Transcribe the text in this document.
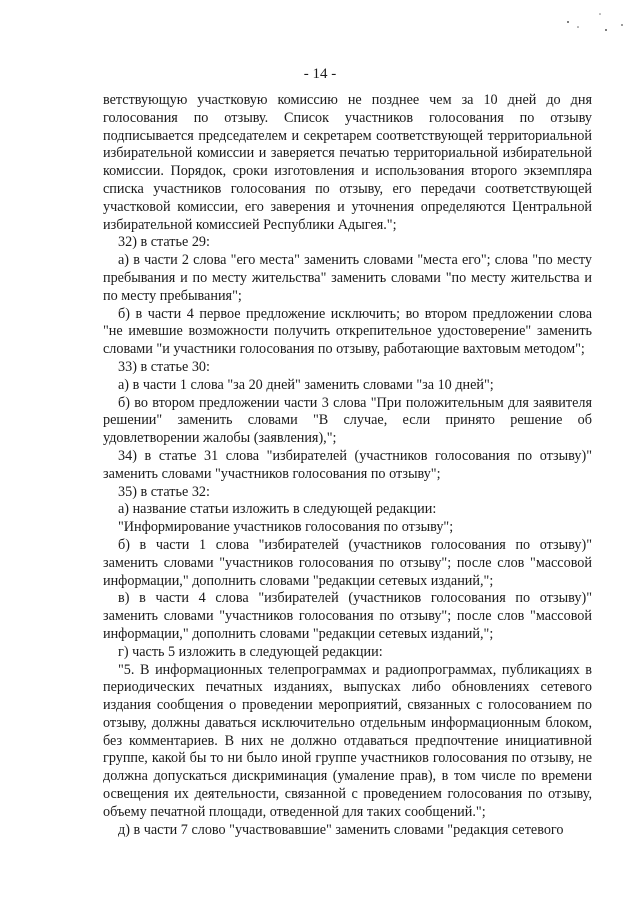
- 14 -

ветствующую участковую комиссию не позднее чем за 10 дней до дня голосования по отзыву. Список участников голосования по отзыву подписывается председателем и секретарем соответствующей территориальной избирательной комиссии и заверяется печатью территориальной избирательной комиссии. Порядок, сроки изготовления и использования второго экземпляра списка участников голосования по отзыву, его передачи соответствующей участковой комиссии, его заверения и уточнения определяются Центральной избирательной комиссией Республики Адыгея.";

32) в статье 29:

а) в части 2 слова "его места" заменить словами "места его"; слова "по месту пребывания и по месту жительства" заменить словами "по месту жительства и по месту пребывания";

б) в части 4 первое предложение исключить; во втором предложении слова "не имевшие возможности получить открепительное удостоверение" заменить словами "и участники голосования по отзыву, работающие вахтовым методом";

33) в статье 30:

а) в части 1 слова "за 20 дней" заменить словами "за 10 дней";

б) во втором предложении части 3 слова "При положительным для заявителя решении" заменить словами "В случае, если принято решение об удовлетворении жалобы (заявления),";

34) в статье 31 слова "избирателей (участников голосования по отзыву)" заменить словами "участников голосования по отзыву";

35) в статье 32:

а) название статьи изложить в следующей редакции:

"Информирование участников голосования по отзыву";

б) в части 1 слова "избирателей (участников голосования по отзыву)" заменить словами "участников голосования по отзыву"; после слов "массовой информации," дополнить словами "редакции сетевых изданий,";

в) в части 4 слова "избирателей (участников голосования по отзыву)" заменить словами "участников голосования по отзыву"; после слов "массовой информации," дополнить словами "редакции сетевых изданий,";

г) часть 5 изложить в следующей редакции:

"5. В информационных телепрограммах и радиопрограммах, публикациях в периодических печатных изданиях, выпусках либо обновлениях сетевого издания сообщения о проведении мероприятий, связанных с голосованием по отзыву, должны даваться исключительно отдельным информационным блоком, без комментариев. В них не должно отдаваться предпочтение инициативной группе, какой бы то ни было иной группе участников голосования по отзыву, не должна допускаться дискриминация (умаление прав), в том числе по времени освещения их деятельности, связанной с проведением голосования по отзыву, объему печатной площади, отведенной для таких сообщений.";

д) в части 7 слово "участвовавшие" заменить словами "редакция сетевого
